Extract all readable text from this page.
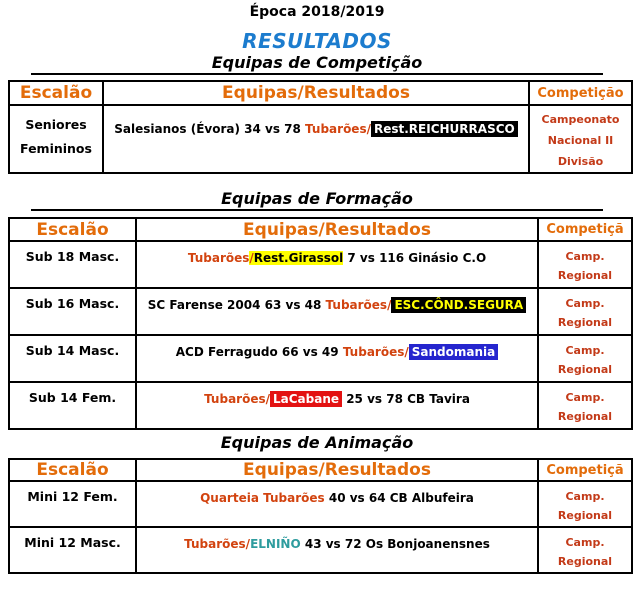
Época 2018/2019
RESULTADOS
Equipas de Competição
Escalão	Equipas/Resultados	Competição

Seniores
Femininos	Salesianos (Évora) 34 vs 78 Tubarões/ Rest.REICHURRASCO	Campeonato
Nacional II
Divisão
Equipas de Formação
Escalão	Equipas/Resultados	Competiçã
Sub 18 Masc.	Tubarões/Rest.Girassol 7 vs 116 Ginásio C.O	Camp.
Regional

Sub 16 Masc.	SC Farense 2004 63 vs 48 Tubarões/ ESC.CÔND.SEGURA	Camp.
Regional

Sub 14 Masc.	ACD Ferragudo 66 vs 49 Tubarões/ Sandomania	Camp.
Regional

Sub 14 Fem.	Tubarões/ LaCabane 25 vs 78 CB Tavira	Camp.
Regional
Equipas de Animação
Escalão	Equipas/Resultados	Competiçã
Mini 12 Fem.	Quarteia Tubarões 40 vs 64 CB Albufeira	Camp.
Regional

Mini 12 Masc.	Tubarões/ELNIÑO 43 vs 72 Os Bonjoanensnes	Camp.
Regional
